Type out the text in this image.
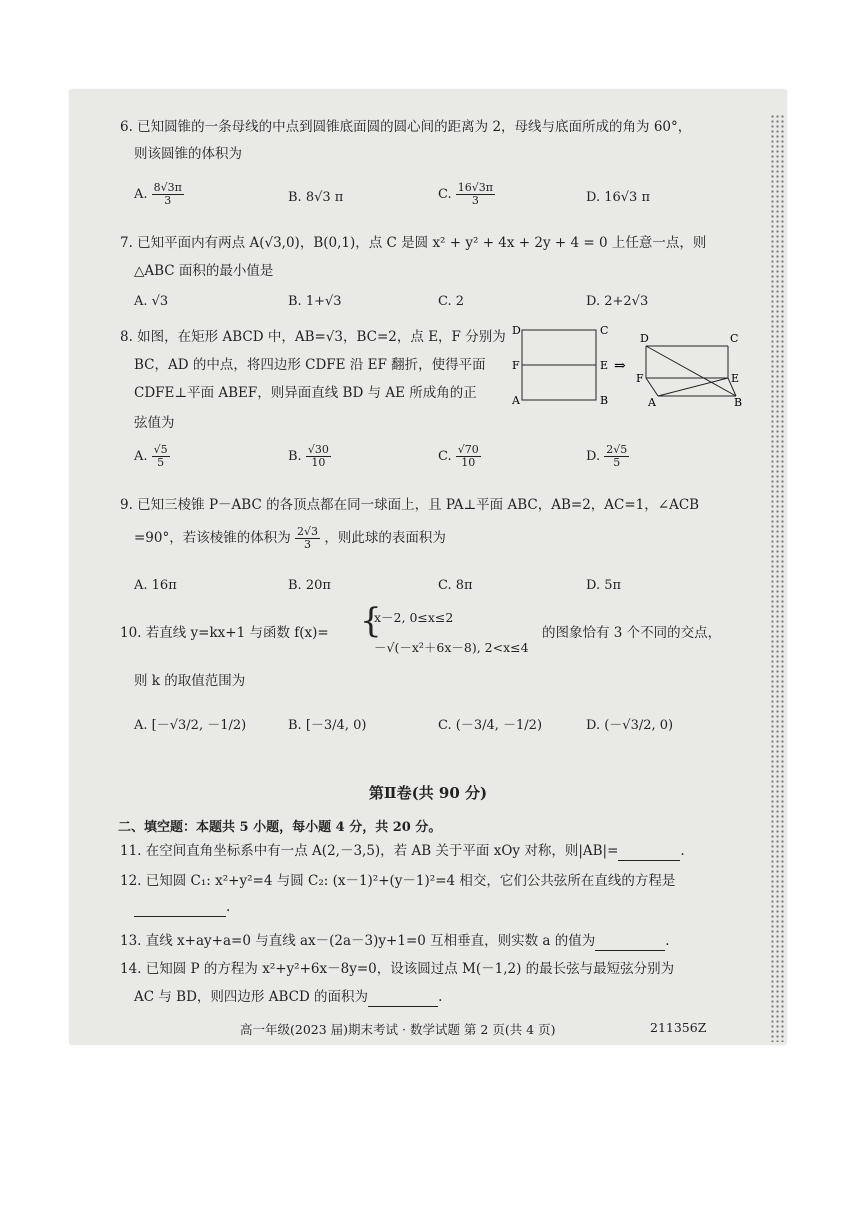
6. 已知圆锥的一条母线的中点到圆锥底面圆的圆心间的距离为 2，母线与底面所成的角为 60°，
则该圆锥的体积为
A. $\frac{8√3\pi}{3}$	B. 8√3 π	C. $\frac{16√3\pi}{3}$	D. 16√3 π
7. 已知平面内有两点 A(√3,0)，B(0,1)，点 C 是圆 x² + y² + 4x + 2y + 4 = 0 上任意一点，则
△ABC 面积的最小值是
A. √3	B. 1+√3	C. 2	D. 2+2√3
8. 如图，在矩形 ABCD 中，AB=√3，BC=2，点 E，F 分别为
BC，AD 的中点，将四边形 CDFE 沿 EF 翻折，使得平面
CDFE⊥平面 ABEF，则异面直线 BD 与 AE 所成角的正
弦值为
D	C
F	E
A	B
⇒
D	C
F	E
A	B
A. $\frac{√5}{5}$	B. $\frac{√30}{10}$	C. $\frac{√70}{10}$	D. $\frac{2√5}{5}$
9. 已知三棱锥 P－ABC 的各顶点都在同一球面上，且 PA⊥平面 ABC，AB=2，AC=1，∠ACB
=90°，若该棱锥的体积为 $\frac{2√3}{3}$ ，则此球的表面积为
A. 16π	B. 20π	C. 8π	D. 5π
10. 若直线 y=kx+1 与函数 f(x)= {
x－2, 0≤x≤2
－√(－x²＋6x－8), 2<x≤4
的图象恰有 3 个不同的交点，
则 k 的取值范围为
A. [－√3/2, －1/2)	B. [－3/4, 0)	C. (－3/4, －1/2)	D. (－√3/2, 0)
第Ⅱ卷(共 90 分)
二、填空题：本题共 5 小题，每小题 4 分，共 20 分。
11. 在空间直角坐标系中有一点 A(2,－3,5)，若 AB 关于平面 xOy 对称，则|AB|=	.
12. 已知圆 C₁: x²+y²=4 与圆 C₂: (x－1)²+(y－1)²=4 相交，它们公共弦所在直线的方程是
.
13. 直线 x+ay+a=0 与直线 ax－(2a－3)y+1=0 互相垂直，则实数 a 的值为	.
14. 已知圆 P 的方程为 x²+y²+6x－8y=0，设该圆过点 M(－1,2) 的最长弦与最短弦分别为
AC 与 BD，则四边形 ABCD 的面积为	.
高一年级(2023 届)期末考试 · 数学试题 第 2 页(共 4 页)	211356Z
